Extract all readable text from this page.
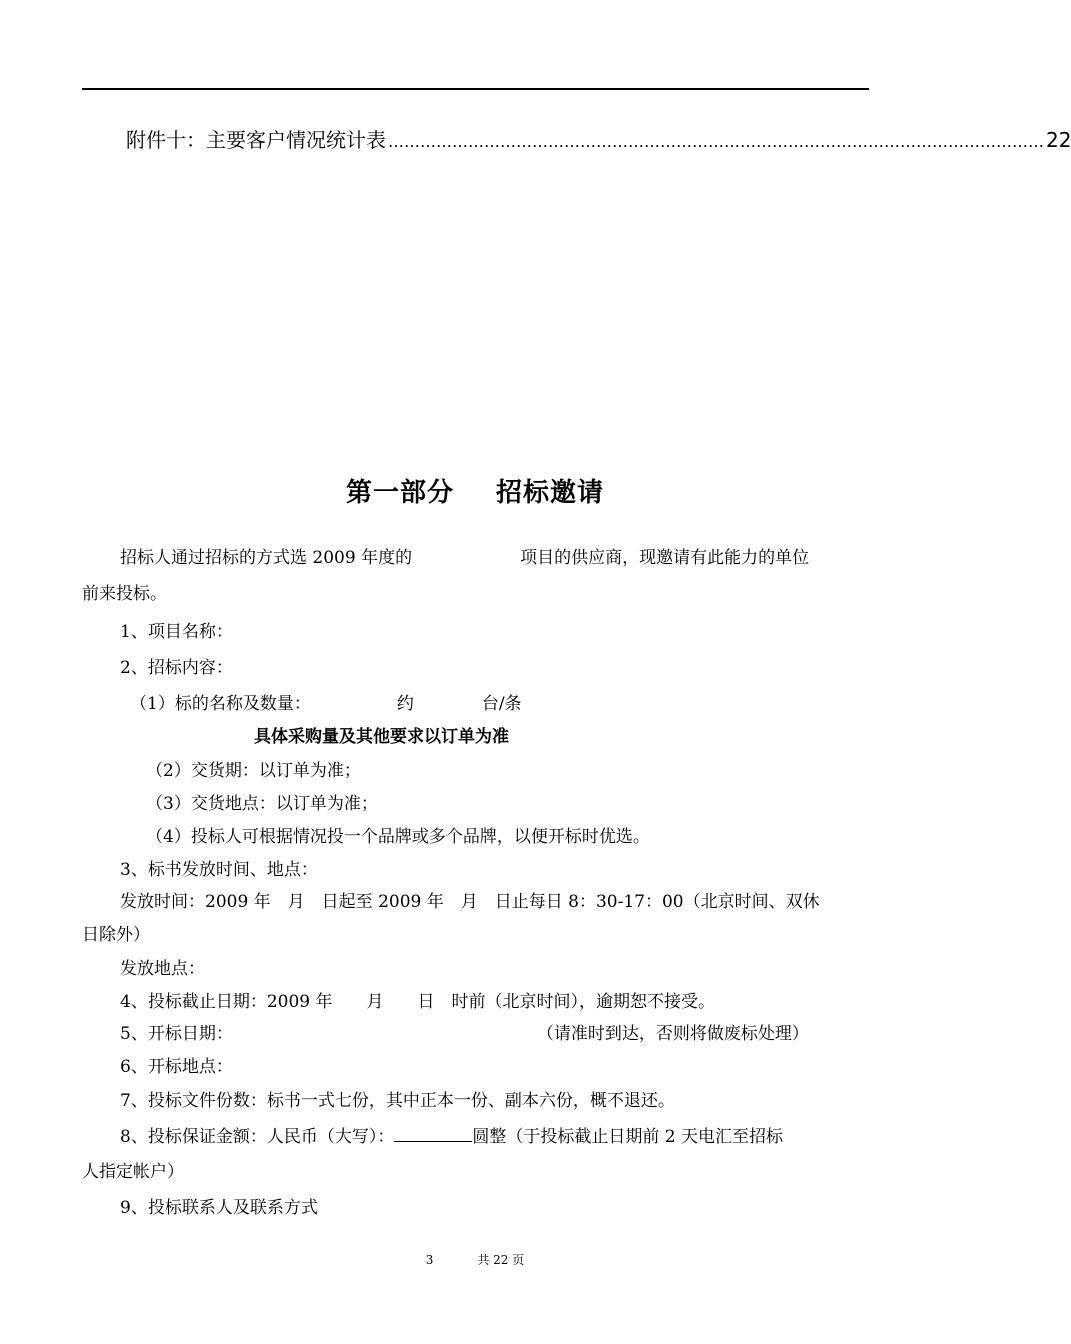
附件十：主要客户情况统计表 …………………………………………………………………………………………………………… 22
第一部分 招标邀请
招标人通过招标的方式选 2009 年度的	项目的供应商，现邀请有此能力的单位
前来投标。
1、项目名称：
2、招标内容：
（1）标的名称及数量：	约	台/条
具体采购量及其他要求以订单为准
（2）交货期：以订单为准；
（3）交货地点：以订单为准；
（4）投标人可根据情况投一个品牌或多个品牌，以便开标时优选。
3、标书发放时间、地点：
发放时间：2009 年　月　日起至 2009 年　月　日止每日 8：30-17：00（北京时间、双休
日除外）
发放地点：
4、投标截止日期：2009 年　　月　　日　时前（北京时间），逾期恕不接受。
5、开标日期：	（请准时到达，否则将做废标处理）
6、开标地点：
7、投标文件份数：标书一式七份，其中正本一份、副本六份，概不退还。
8、投标保证金额：人民币（大写）：	圆整（于投标截止日期前 2 天电汇至招标
人指定帐户）
9、投标联系人及联系方式
3	共 22 页
